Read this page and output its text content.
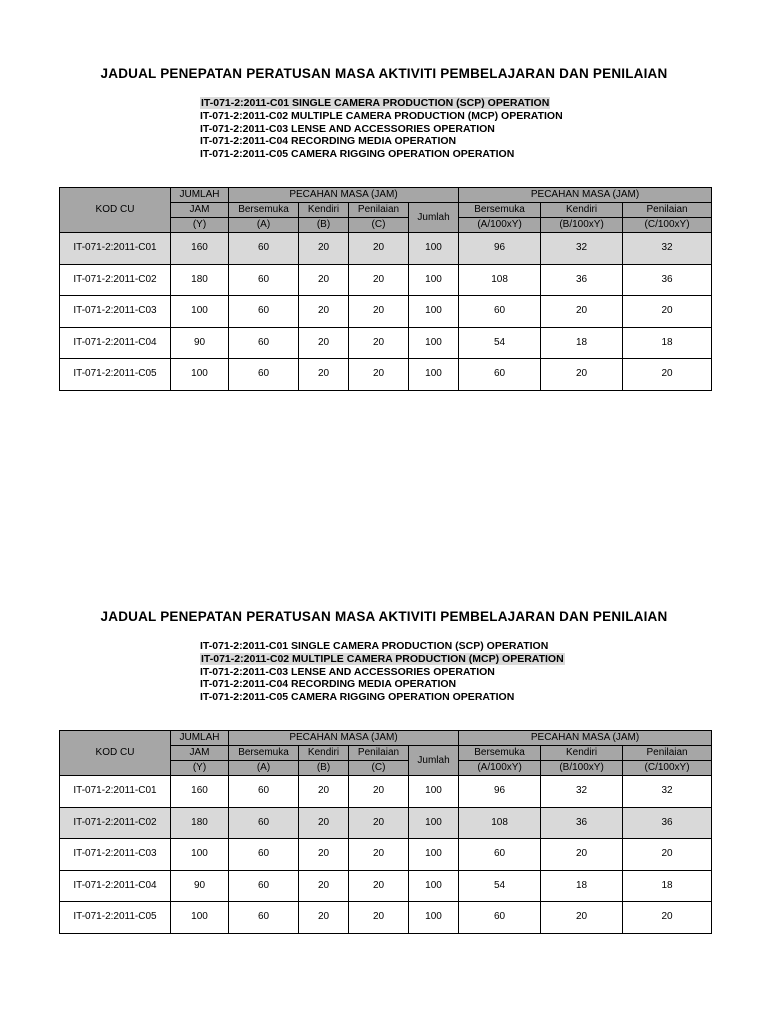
JADUAL PENEPATAN PERATUSAN MASA AKTIVITI PEMBELAJARAN DAN PENILAIAN
IT-071-2:2011-C01 SINGLE CAMERA PRODUCTION (SCP) OPERATION
IT-071-2:2011-C02 MULTIPLE CAMERA PRODUCTION (MCP) OPERATION
IT-071-2:2011-C03 LENSE AND ACCESSORIES OPERATION
IT-071-2:2011-C04 RECORDING MEDIA OPERATION
IT-071-2:2011-C05 CAMERA RIGGING OPERATION OPERATION
KOD CU	JUMLAH	PECAHAN MASA (JAM)				PECAHAN MASA (JAM)		
	JAM	Bersemuka	Kendiri	Penilaian	Jumlah	Bersemuka	Kendiri	Penilaian
	(Y)	(A)	(B)	(C)		(A/100xY)	(B/100xY)	(C/100xY)
IT-071-2:2011-C01	160	60	20	20	100	96	32	32
IT-071-2:2011-C02	180	60	20	20	100	108	36	36
IT-071-2:2011-C03	100	60	20	20	100	60	20	20
IT-071-2:2011-C04	90	60	20	20	100	54	18	18
IT-071-2:2011-C05	100	60	20	20	100	60	20	20
JADUAL PENEPATAN PERATUSAN MASA AKTIVITI PEMBELAJARAN DAN PENILAIAN
IT-071-2:2011-C01 SINGLE CAMERA PRODUCTION (SCP) OPERATION
IT-071-2:2011-C02 MULTIPLE CAMERA PRODUCTION (MCP) OPERATION
IT-071-2:2011-C03 LENSE AND ACCESSORIES OPERATION
IT-071-2:2011-C04 RECORDING MEDIA OPERATION
IT-071-2:2011-C05 CAMERA RIGGING OPERATION OPERATION
KOD CU	JUMLAH	PECAHAN MASA (JAM)				PECAHAN MASA (JAM)		
	JAM	Bersemuka	Kendiri	Penilaian	Jumlah	Bersemuka	Kendiri	Penilaian
	(Y)	(A)	(B)	(C)		(A/100xY)	(B/100xY)	(C/100xY)
IT-071-2:2011-C01	160	60	20	20	100	96	32	32
IT-071-2:2011-C02	180	60	20	20	100	108	36	36
IT-071-2:2011-C03	100	60	20	20	100	60	20	20
IT-071-2:2011-C04	90	60	20	20	100	54	18	18
IT-071-2:2011-C05	100	60	20	20	100	60	20	20
